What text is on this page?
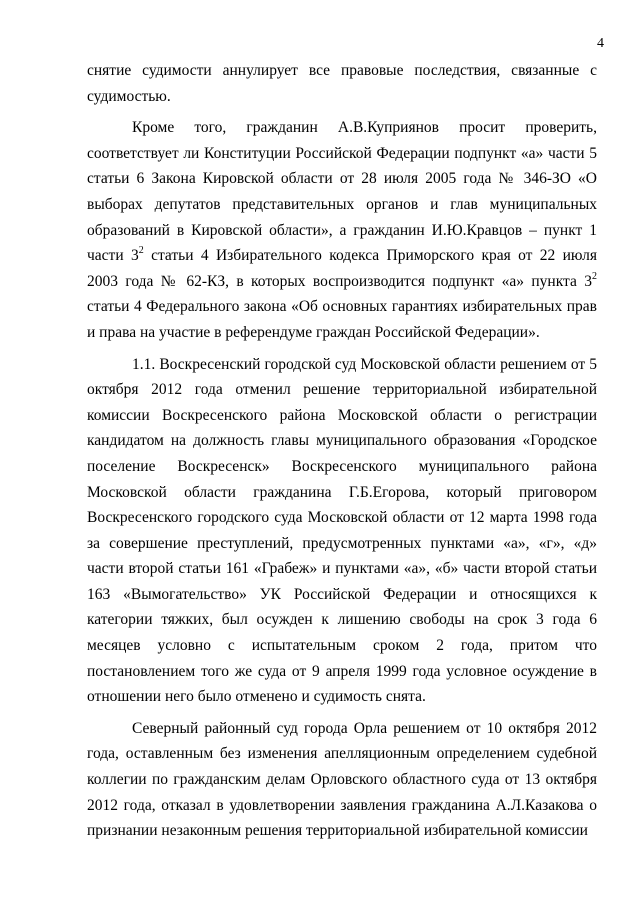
4

снятие судимости аннулирует все правовые последствия, связанные с судимостью.

Кроме того, гражданин А.В.Куприянов просит проверить, соответствует ли Конституции Российской Федерации подпункт «а» части 5 статьи 6 Закона Кировской области от 28 июля 2005 года № 346-ЗО «О выборах депутатов представительных органов и глав муниципальных образований в Кировской области», а гражданин И.Ю.Кравцов – пункт 1 части $3^2$ статьи 4 Избирательного кодекса Приморского края от 22 июля 2003 года № 62-КЗ, в которых воспроизводится подпункт «а» пункта $3^2$ статьи 4 Федерального закона «Об основных гарантиях избирательных прав и права на участие в референдуме граждан Российской Федерации».

1.1. Воскресенский городской суд Московской области решением от 5 октября 2012 года отменил решение территориальной избирательной комиссии Воскресенского района Московской области о регистрации кандидатом на должность главы муниципального образования «Городское поселение Воскресенск» Воскресенского муниципального района Московской области гражданина Г.Б.Егорова, который приговором Воскресенского городского суда Московской области от 12 марта 1998 года за совершение преступлений, предусмотренных пунктами «а», «г», «д» части второй статьи 161 «Грабеж» и пунктами «а», «б» части второй статьи 163 «Вымогательство» УК Российской Федерации и относящихся к категории тяжких, был осужден к лишению свободы на срок 3 года 6 месяцев условно с испытательным сроком 2 года, притом что постановлением того же суда от 9 апреля 1999 года условное осуждение в отношении него было отменено и судимость снята.

Северный районный суд города Орла решением от 10 октября 2012 года, оставленным без изменения апелляционным определением судебной коллегии по гражданским делам Орловского областного суда от 13 октября 2012 года, отказал в удовлетворении заявления гражданина А.Л.Казакова о признании незаконным решения территориальной избирательной комиссии
